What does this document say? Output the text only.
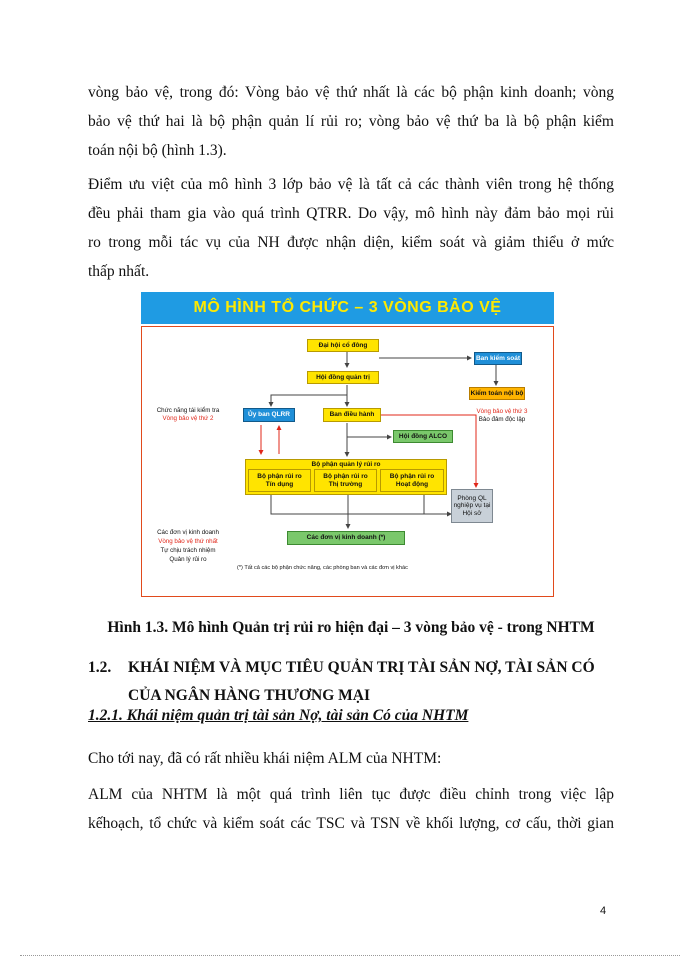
vòng bảo vệ, trong đó: Vòng bảo vệ thứ nhất là các bộ phận kinh doanh; vòng
bảo vệ thứ hai là bộ phận quản lí rủi ro; vòng bảo vệ thứ ba là bộ phận kiểm
toán nội bộ (hình 1.3).
Điểm ưu việt của mô hình 3 lớp bảo vệ là tất cả các thành viên trong hệ thống
đều phải tham gia vào quá trình QTRR. Do vậy, mô hình này đảm bảo mọi rủi
ro trong mỗi tác vụ của NH được nhận diện, kiểm soát và giảm thiểu ở mức
thấp nhất.
MÔ HÌNH TỔ CHỨC – 3 VÒNG BẢO VỆ
Đại hội cổ đông
Ban kiểm soát
Hội đồng quản trị
Kiểm toán nội bộ
Vòng bảo vệ thứ 3
Bảo đảm độc lập
Chức năng tái kiểm tra
Vòng bảo vệ thứ 2
Ủy ban QLRR	Ban điều hành
Hội đồng ALCO
Bộ phận quản lý rủi ro
Bộ phận rủi ro
Tín dụng
Bộ phận rủi ro
Thị trường
Bộ phận rủi ro
Hoạt động
Phòng QL nghiệp vụ tại Hội sở
Các đơn vị kinh doanh
Vòng bảo vệ thứ nhất
Tự chịu trách nhiệm
Quản lý rủi ro
Các đơn vị kinh doanh (*)
(*) Tất cả các bộ phận chức năng, các phòng ban và các đơn vị khác
Hình 1.3. Mô hình Quản trị rủi ro hiện đại – 3 vòng bảo vệ - trong NHTM
1.2. KHÁI NIỆM VÀ MỤC TIÊU QUẢN TRỊ TÀI SẢN NỢ, TÀI SẢN CÓ CỦA NGÂN HÀNG THƯƠNG MẠI
1.2.1. Khái niệm quản trị tài sản Nợ, tài sản Có của NHTM
Cho tới nay, đã có rất nhiều khái niệm ALM của NHTM:
ALM của NHTM là một quá trình liên tục được điều chỉnh trong việc lập
kếhoạch, tổ chức và kiểm soát các TSC và TSN về khối lượng, cơ cấu, thời gian
4
